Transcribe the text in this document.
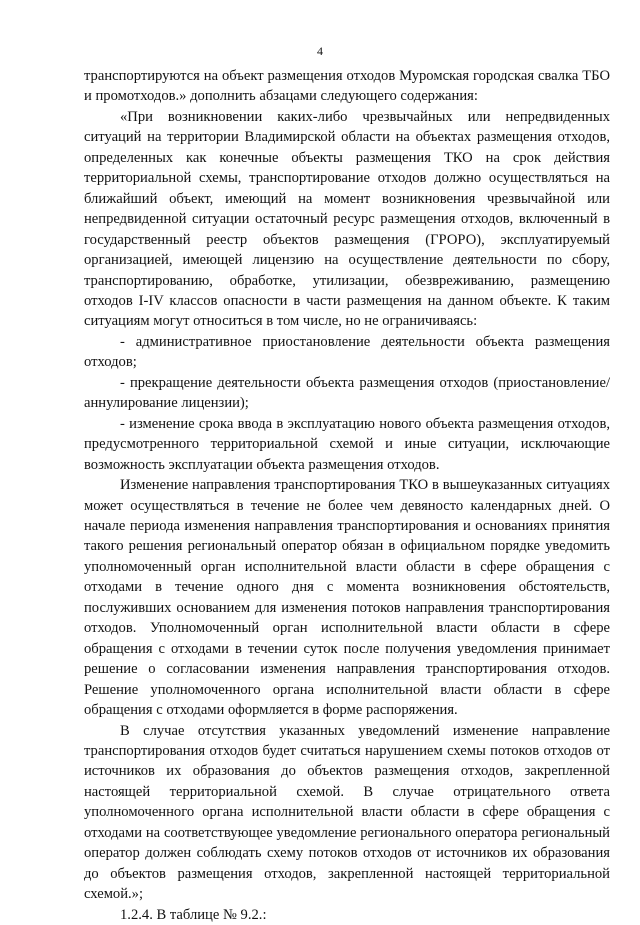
4

транспортируются на объект размещения отходов Муромская городская свалка ТБО и промотходов.» дополнить абзацами следующего содержания:

«При возникновении каких-либо чрезвычайных или непредвиденных ситуаций на территории Владимирской области на объектах размещения отходов, определенных как конечные объекты размещения ТКО на срок действия территориальной схемы, транспортирование отходов должно осуществляться на ближайший объект, имеющий на момент возникновения чрезвычайной или непредвиденной ситуации остаточный ресурс размещения отходов, включенный в государственный реестр объектов размещения (ГРОРО), эксплуатируемый организацией, имеющей лицензию на осуществление деятельности по сбору, транспортированию, обработке, утилизации, обезвреживанию, размещению отходов I-IV классов опасности в части размещения на данном объекте. К таким ситуациям могут относиться в том числе, но не ограничиваясь:

- административное приостановление деятельности объекта размещения отходов;

- прекращение деятельности объекта размещения отходов (приостановление/аннулирование лицензии);

- изменение срока ввода в эксплуатацию нового объекта размещения отходов, предусмотренного территориальной схемой и иные ситуации, исключающие возможность эксплуатации объекта размещения отходов.

Изменение направления транспортирования ТКО в вышеуказанных ситуациях может осуществляться в течение не более чем девяносто календарных дней. О начале периода изменения направления транспортирования и основаниях принятия такого решения региональный оператор обязан в официальном порядке уведомить уполномоченный орган исполнительной власти области в сфере обращения с отходами в течение одного дня с момента возникновения обстоятельств, послуживших основанием для изменения потоков направления транспортирования отходов. Уполномоченный орган исполнительной власти области в сфере обращения с отходами в течении суток после получения уведомления принимает решение о согласовании изменения направления транспортирования отходов. Решение уполномоченного органа исполнительной власти области в сфере обращения с отходами оформляется в форме распоряжения.

В случае отсутствия указанных уведомлений изменение направление транспортирования отходов будет считаться нарушением схемы потоков отходов от источников их образования до объектов размещения отходов, закрепленной настоящей территориальной схемой. В случае отрицательного ответа уполномоченного органа исполнительной власти области в сфере обращения с отходами на соответствующее уведомление регионального оператора региональный оператор должен соблюдать схему потоков отходов от источников их образования до объектов размещения отходов, закрепленной настоящей территориальной схемой.»;

1.2.4. В таблице № 9.2.:
